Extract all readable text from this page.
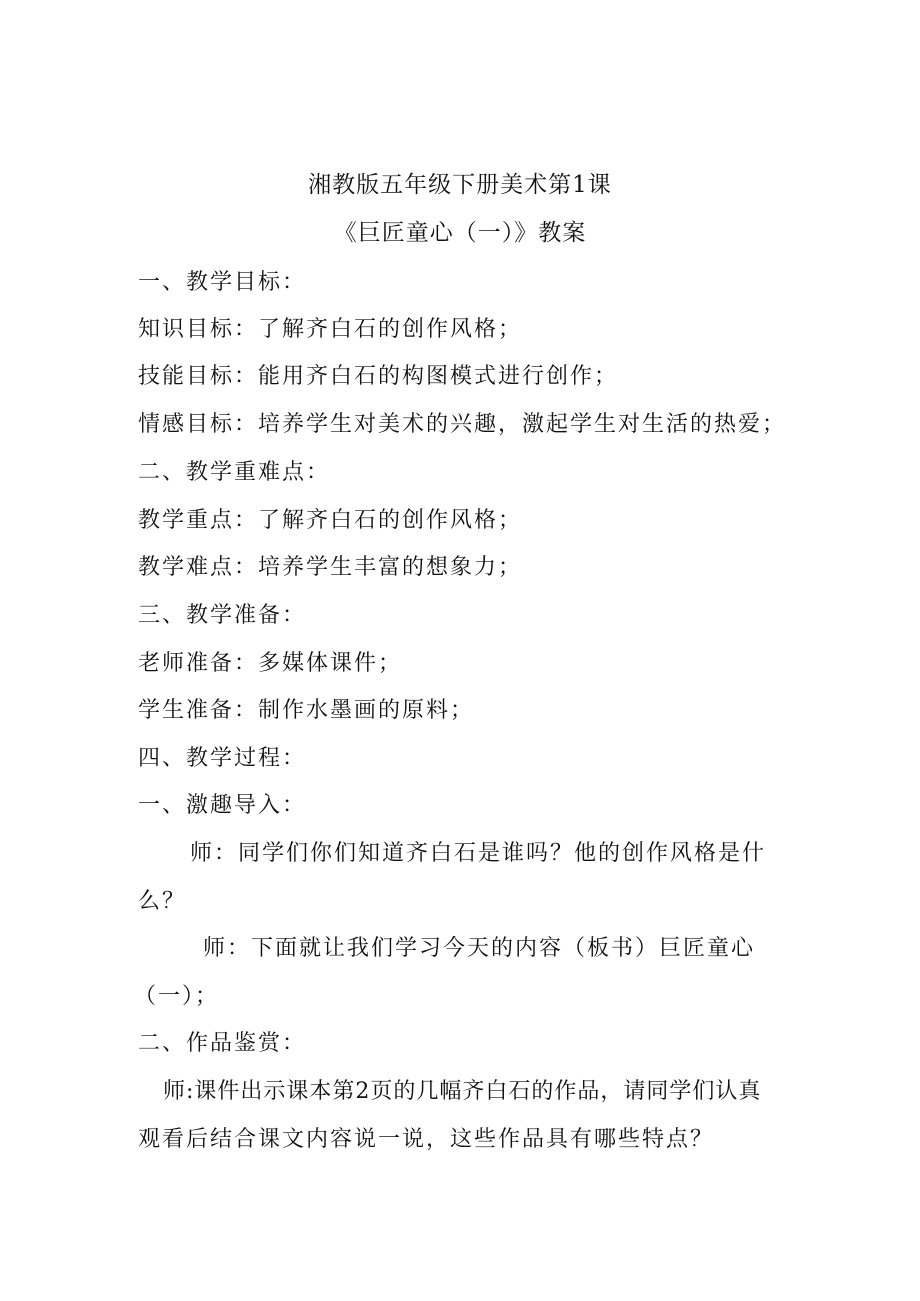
湘教版五年级下册美术第1课
《巨匠童心（一）》教案
一、教学目标：
知识目标：了解齐白石的创作风格；
技能目标：能用齐白石的构图模式进行创作；
情感目标：培养学生对美术的兴趣，激起学生对生活的热爱；
二、教学重难点：
教学重点：了解齐白石的创作风格；
教学难点：培养学生丰富的想象力；
三、教学准备：
老师准备：多媒体课件；
学生准备：制作水墨画的原料；
四、教学过程：
一、激趣导入：
师：同学们你们知道齐白石是谁吗？他的创作风格是什
么？
师：下面就让我们学习今天的内容（板书）巨匠童心
（一）；
二、作品鉴赏：
师:课件出示课本第2页的几幅齐白石的作品，请同学们认真
观看后结合课文内容说一说，这些作品具有哪些特点？
